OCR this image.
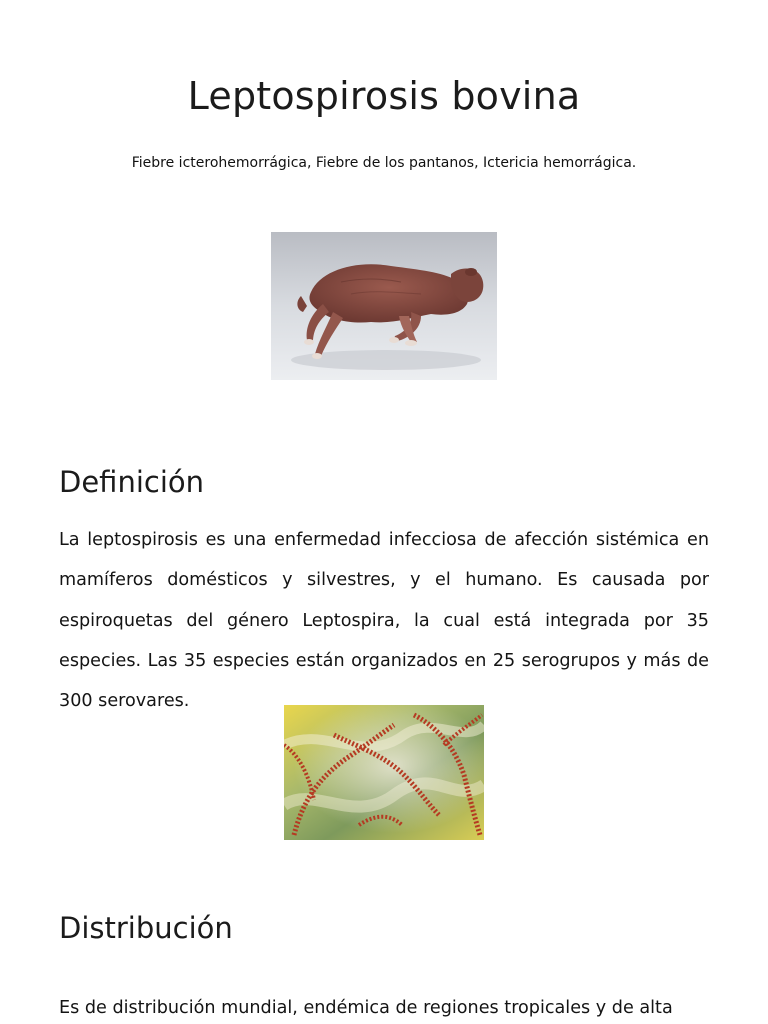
Leptospirosis bovina
Fiebre icterohemorrágica, Fiebre de los pantanos, Ictericia hemorrágica.
Definición

La leptospirosis es una enfermedad infecciosa de afección sistémica en mamíferos domésticos y silvestres, y el humano. Es causada por espiroquetas del género Leptospira, la cual está integrada por 35 especies. Las 35 especies están organizados en 25 serogrupos y más de 300 serovares.

Distribución

Es de distribución mundial, endémica de regiones tropicales y de alta
